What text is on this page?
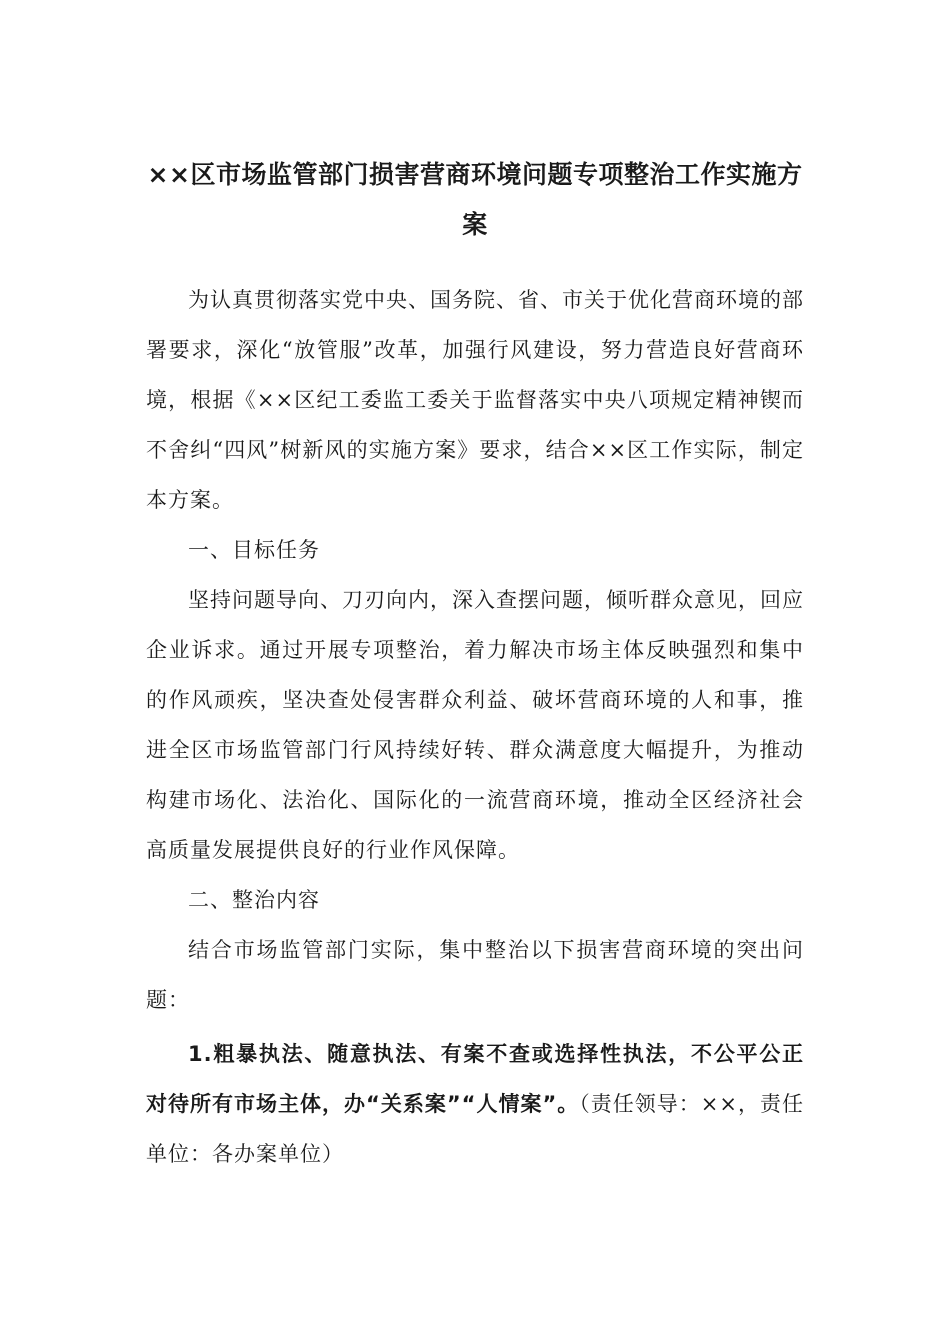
××区市场监管部门损害营商环境问题专项整治工作实施方案

为认真贯彻落实党中央、国务院、省、市关于优化营商环境的部署要求，深化“放管服”改革，加强行风建设，努力营造良好营商环境，根据《××区纪工委监工委关于监督落实中央八项规定精神锲而不舍纠“四风”树新风的实施方案》要求，结合××区工作实际，制定本方案。

一、目标任务

坚持问题导向、刀刃向内，深入查摆问题，倾听群众意见，回应企业诉求。通过开展专项整治，着力解决市场主体反映强烈和集中的作风顽疾，坚决查处侵害群众利益、破坏营商环境的人和事，推进全区市场监管部门行风持续好转、群众满意度大幅提升，为推动构建市场化、法治化、国际化的一流营商环境，推动全区经济社会高质量发展提供良好的行业作风保障。

二、整治内容

结合市场监管部门实际，集中整治以下损害营商环境的突出问题：

1.粗暴执法、随意执法、有案不查或选择性执法，不公平公正对待所有市场主体，办“关系案”“人情案”。（责任领导：××，责任单位：各办案单位）
